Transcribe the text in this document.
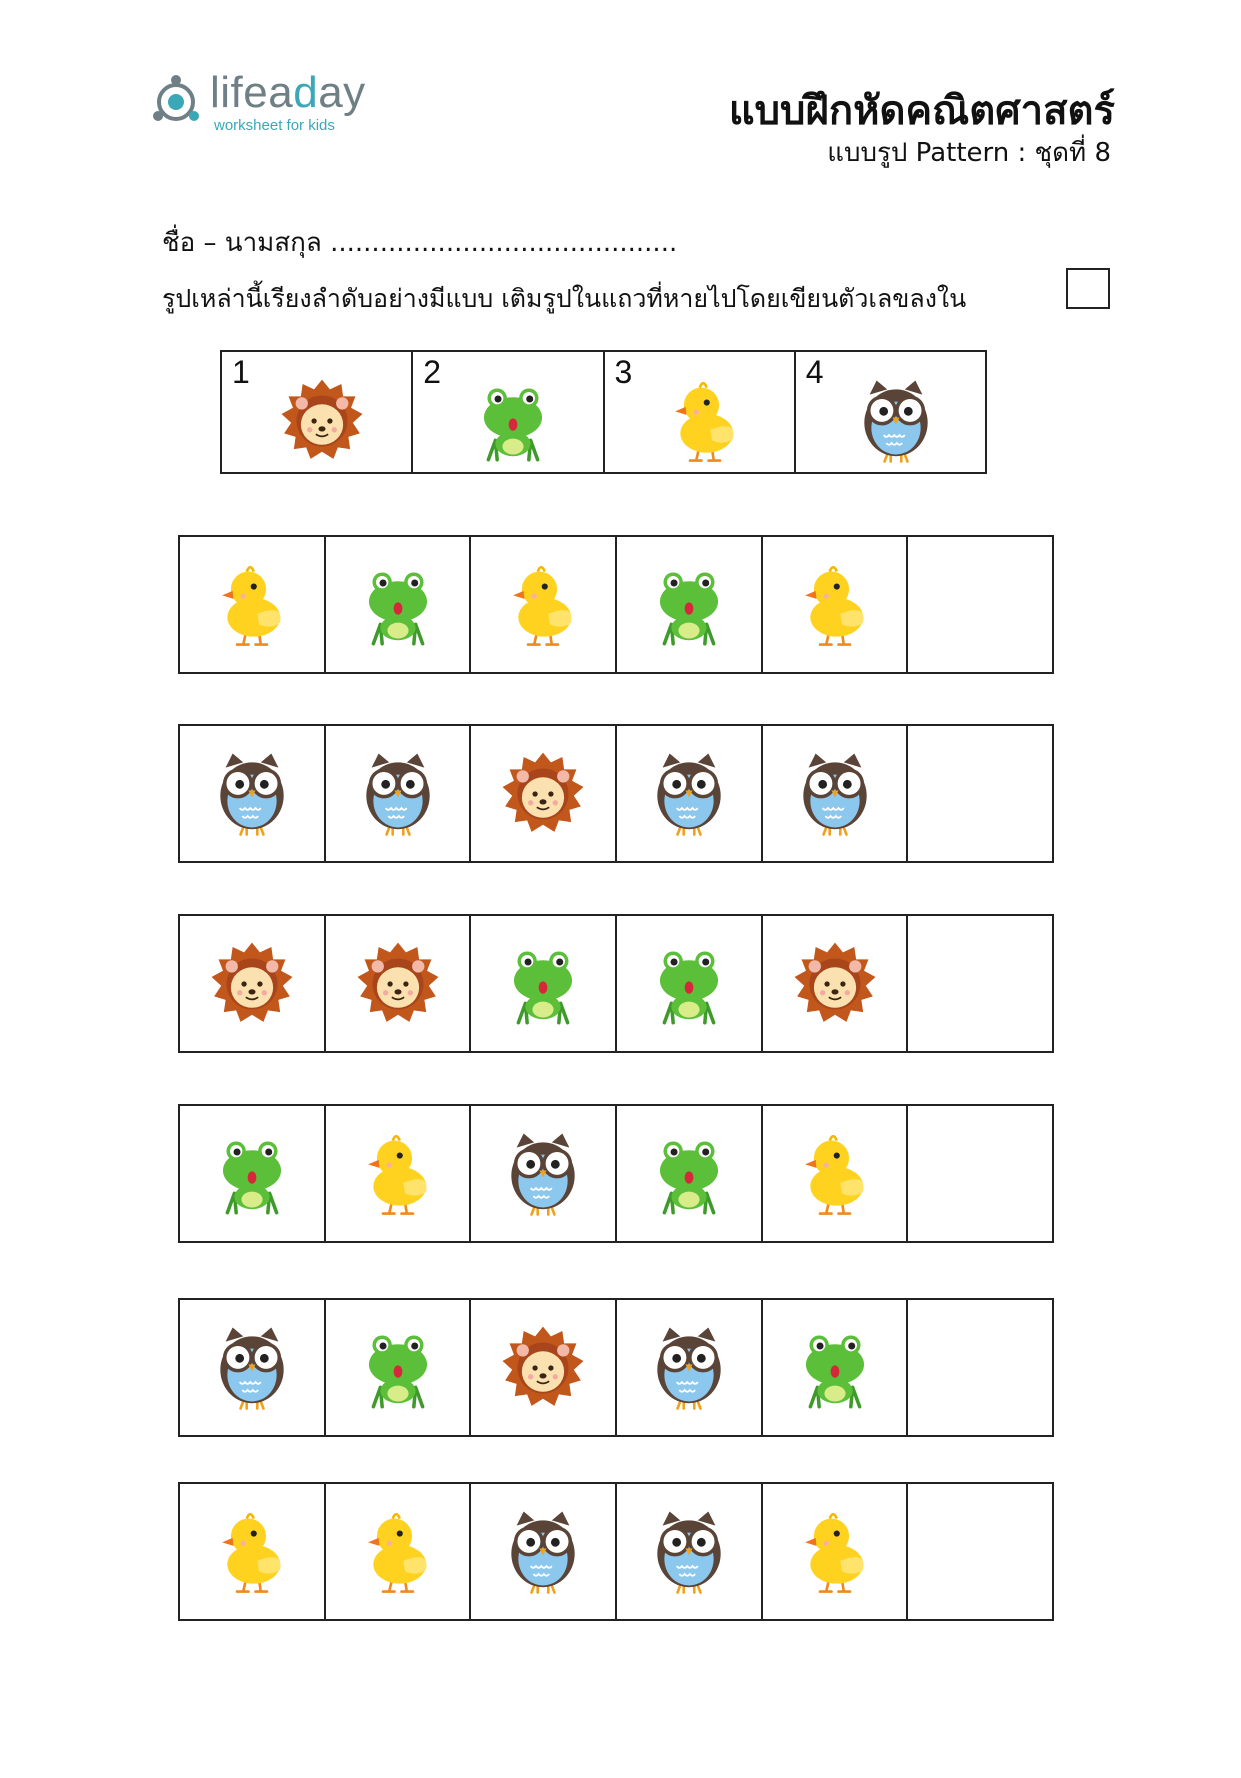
lifeaday
worksheet for kids	แบบฝึกหัดคณิตศาสตร์
แบบรูป Pattern : ชุดที่ 8
ชื่อ – นามสกุล ..........................................
รูปเหล่านี้เรียงลำดับอย่างมีแบบ เติมรูปในแถวที่หายไปโดยเขียนตัวเลขลงใน
1	2	3	4
